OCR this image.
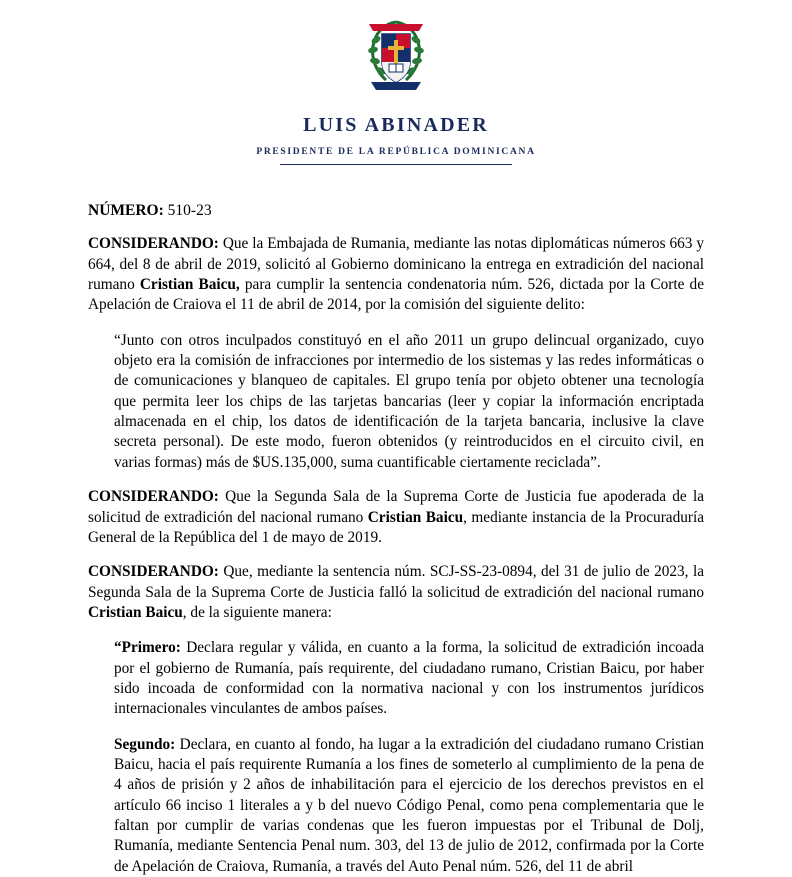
LUIS ABINADER
PRESIDENTE DE LA REPÚBLICA DOMINICANA
NÚMERO: 510-23

CONSIDERANDO: Que la Embajada de Rumania, mediante las notas diplomáticas números 663 y 664, del 8 de abril de 2019, solicitó al Gobierno dominicano la entrega en extradición del nacional rumano Cristian Baicu, para cumplir la sentencia condenatoria núm. 526, dictada por la Corte de Apelación de Craiova el 11 de abril de 2014, por la comisión del siguiente delito:

“Junto con otros inculpados constituyó en el año 2011 un grupo delincual organizado, cuyo objeto era la comisión de infracciones por intermedio de los sistemas y las redes informáticas o de comunicaciones y blanqueo de capitales. El grupo tenía por objeto obtener una tecnología que permita leer los chips de las tarjetas bancarias (leer y copiar la información encriptada almacenada en el chip, los datos de identificación de la tarjeta bancaria, inclusive la clave secreta personal). De este modo, fueron obtenidos (y reintroducidos en el circuito civil, en varias formas) más de $US.135,000, suma cuantificable ciertamente reciclada”.

CONSIDERANDO: Que la Segunda Sala de la Suprema Corte de Justicia fue apoderada de la solicitud de extradición del nacional rumano Cristian Baicu, mediante instancia de la Procuraduría General de la República del 1 de mayo de 2019.

CONSIDERANDO: Que, mediante la sentencia núm. SCJ-SS-23-0894, del 31 de julio de 2023, la Segunda Sala de la Suprema Corte de Justicia falló la solicitud de extradición del nacional rumano Cristian Baicu, de la siguiente manera:

“Primero: Declara regular y válida, en cuanto a la forma, la solicitud de extradición incoada por el gobierno de Rumanía, país requirente, del ciudadano rumano, Cristian Baicu, por haber sido incoada de conformidad con la normativa nacional y con los instrumentos jurídicos internacionales vinculantes de ambos países.

Segundo: Declara, en cuanto al fondo, ha lugar a la extradición del ciudadano rumano Cristian Baicu, hacia el país requirente Rumanía a los fines de someterlo al cumplimiento de la pena de 4 años de prisión y 2 años de inhabilitación para el ejercicio de los derechos previstos en el artículo 66 inciso 1 literales a y b del nuevo Código Penal, como pena complementaria que le faltan por cumplir de varias condenas que les fueron impuestas por el Tribunal de Dolj, Rumanía, mediante Sentencia Penal num. 303, del 13 de julio de 2012, confirmada por la Corte de Apelación de Craiova, Rumanía, a través del Auto Penal núm. 526, del 11 de abril
